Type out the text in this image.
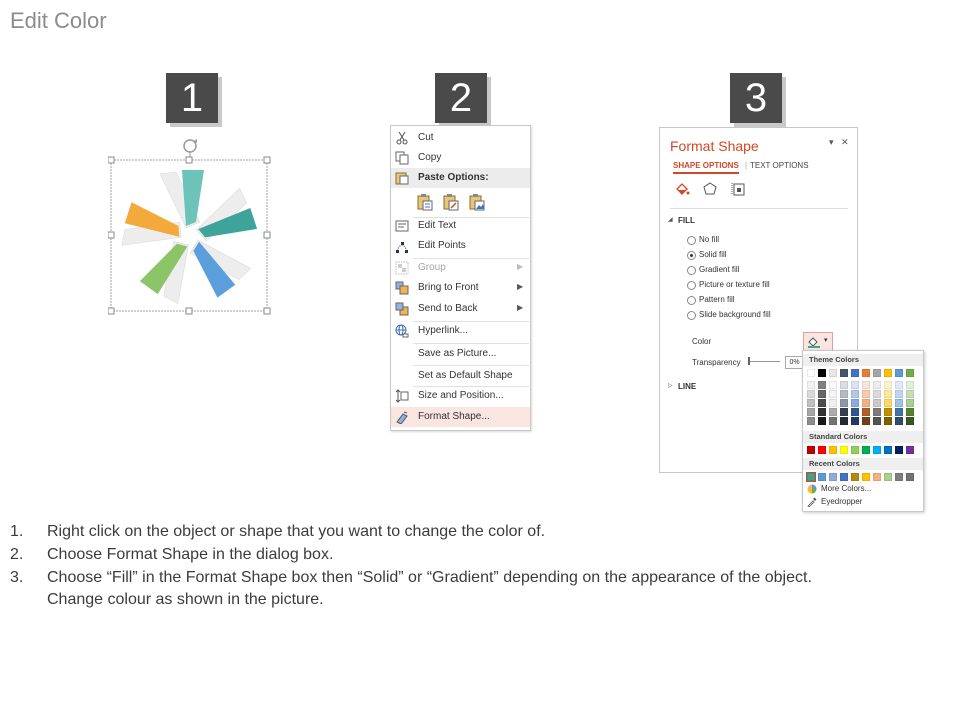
Edit Color
1	2	3
Cut
Copy
Paste Options:
Edit Text
Edit Points
Group	▶
Bring to Front	▶
Send to Back	▶
Hyperlink...
Save as Picture...
Set as Default Shape
Size and Position...
Format Shape...
Format Shape	▾ ✕
SHAPE OPTIONS | TEXT OPTIONS
◢ FILL
No fill
Solid fill
Gradient fill
Picture or texture fill
Pattern fill
Slide background fill
Color	▾
Transparency	0%
▷ LINE
Theme Colors
Standard Colors
Recent Colors
More Colors...
Eyedropper
1. Right click on the object or shape that you want to change the color of.
2. Choose Format Shape in the dialog box.
3. Choose “Fill” in the Format Shape box then “Solid” or “Gradient” depending on the appearance of the object.
Change colour as shown in the picture.
